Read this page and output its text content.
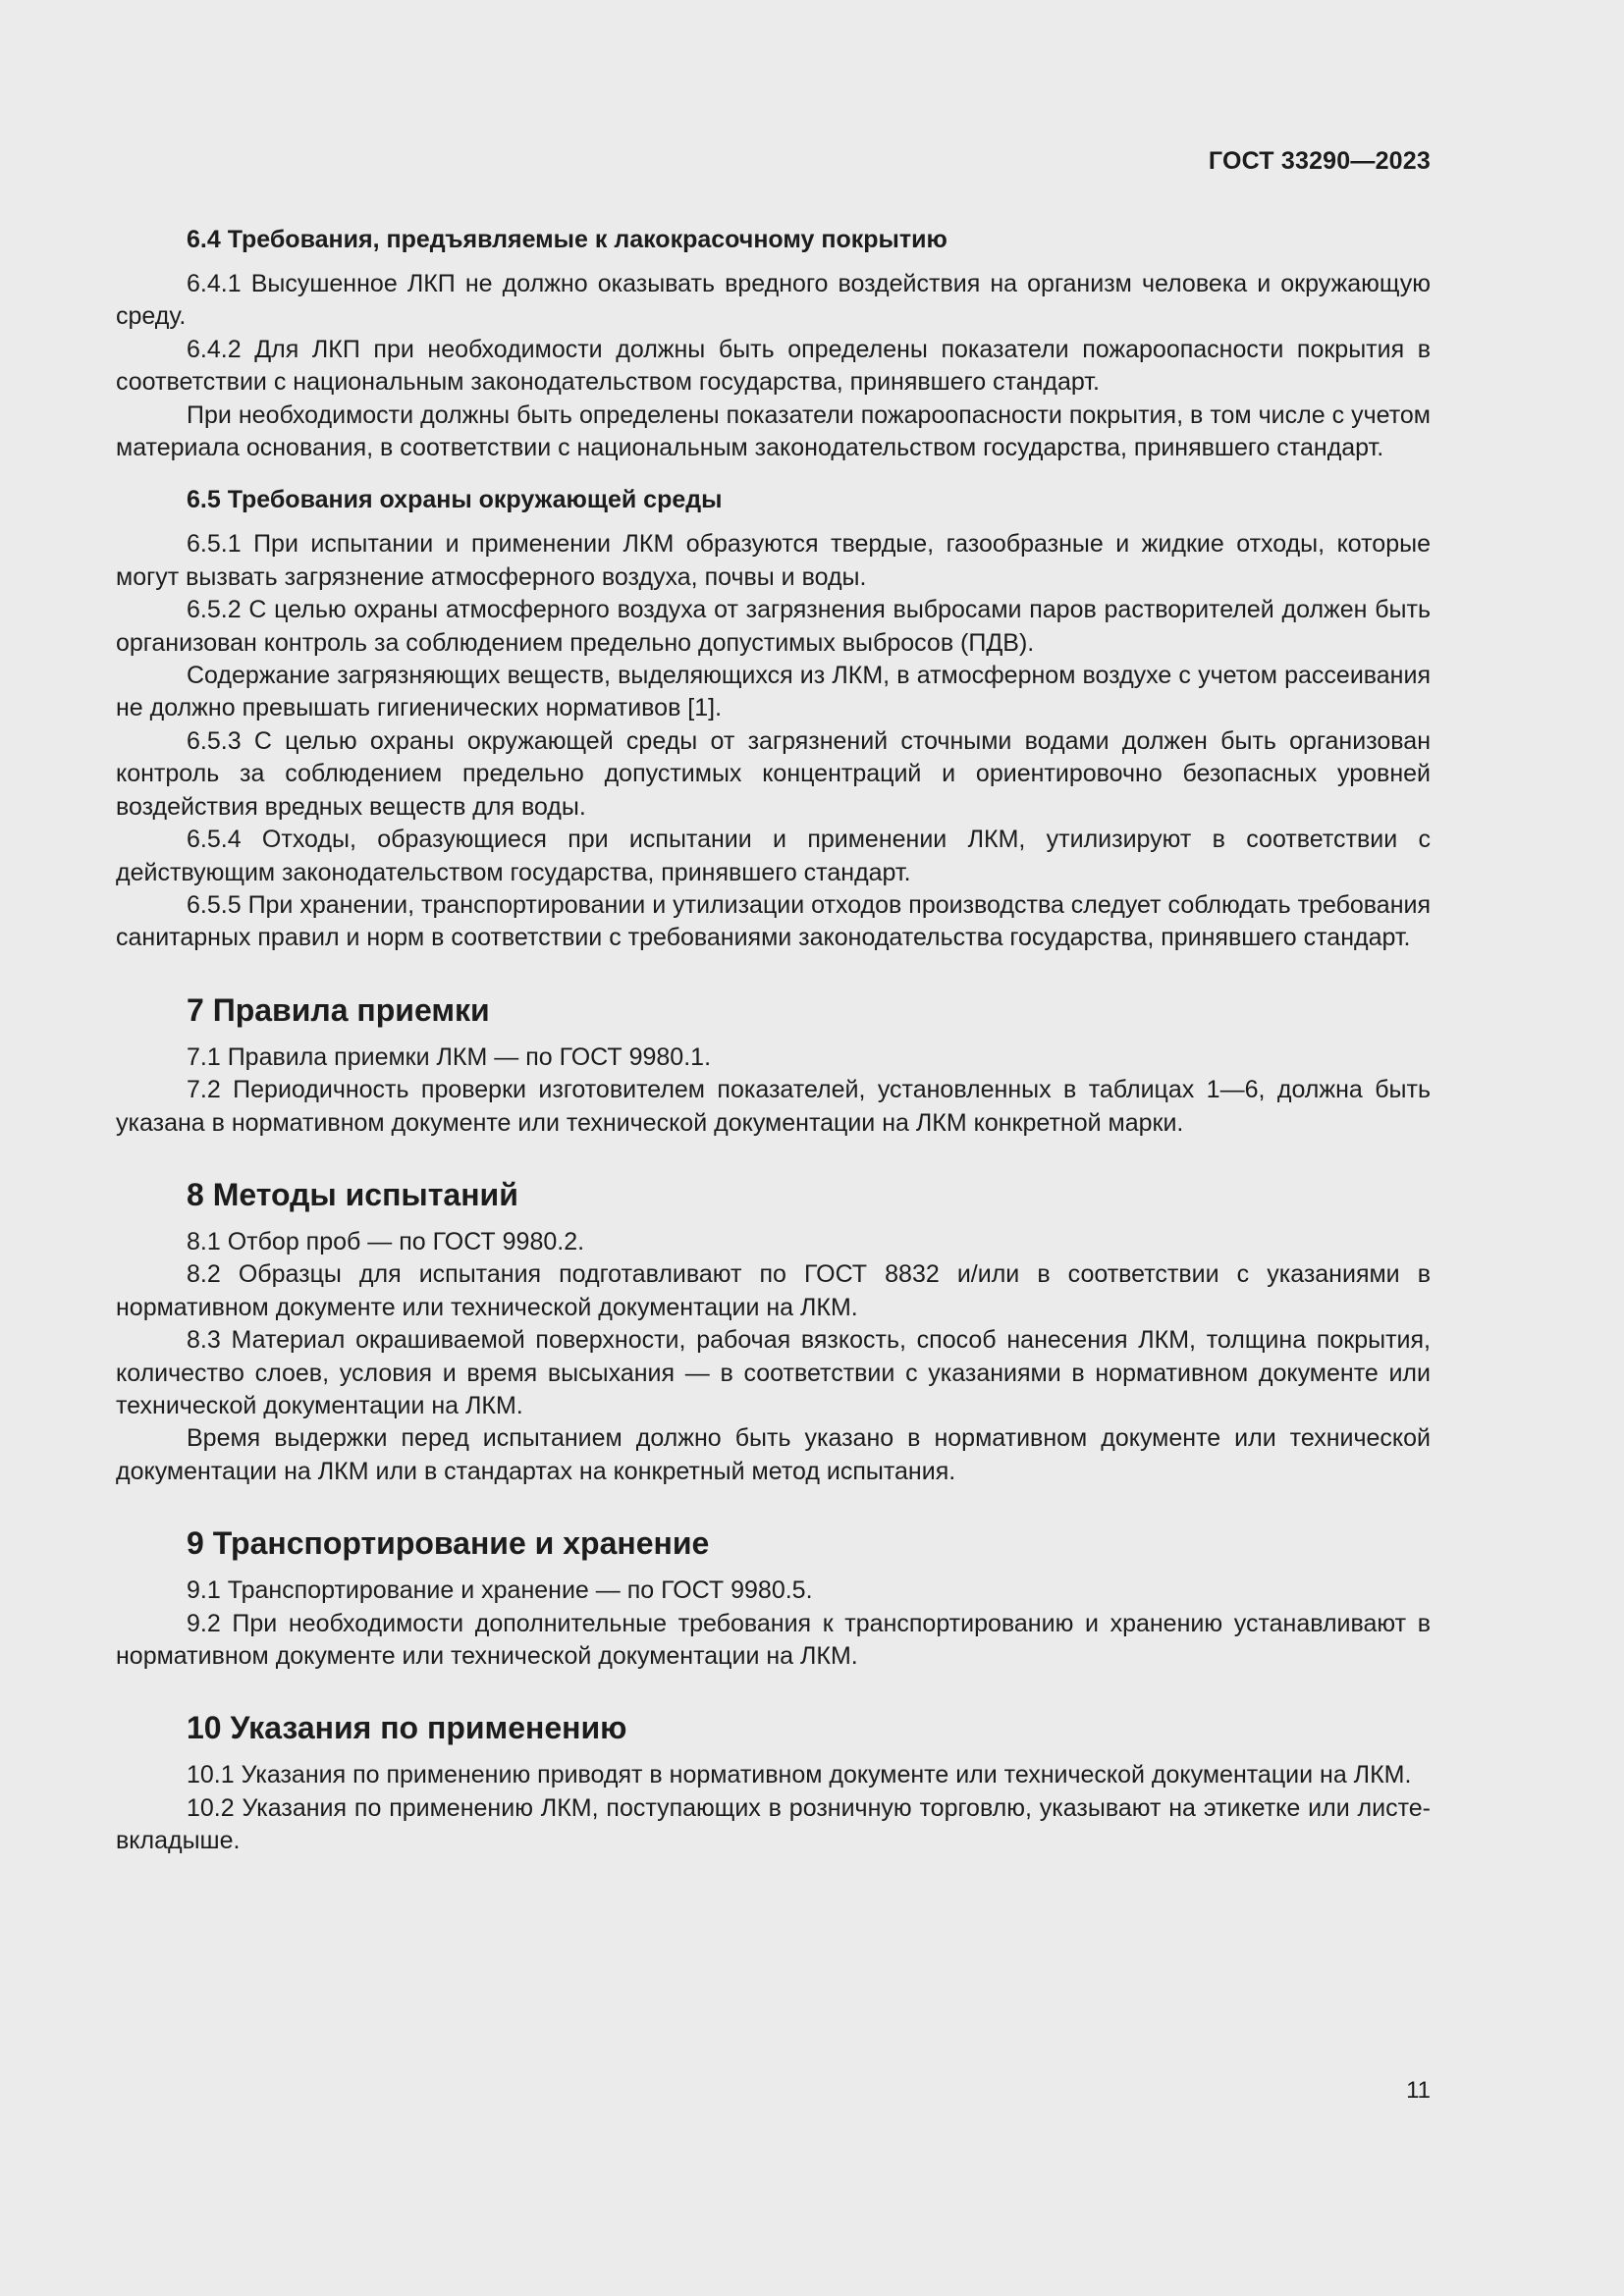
ГОСТ 33290—2023
6.4 Требования, предъявляемые к лакокрасочному покрытию

6.4.1 Высушенное ЛКП не должно оказывать вредного воздействия на организм человека и окружающую среду.

6.4.2 Для ЛКП при необходимости должны быть определены показатели пожароопасности покрытия в соответствии с национальным законодательством государства, принявшего стандарт.

При необходимости должны быть определены показатели пожароопасности покрытия, в том числе с учетом материала основания, в соответствии с национальным законодательством государства, принявшего стандарт.

6.5 Требования охраны окружающей среды

6.5.1 При испытании и применении ЛКМ образуются твердые, газообразные и жидкие отходы, которые могут вызвать загрязнение атмосферного воздуха, почвы и воды.

6.5.2 С целью охраны атмосферного воздуха от загрязнения выбросами паров растворителей должен быть организован контроль за соблюдением предельно допустимых выбросов (ПДВ).

Содержание загрязняющих веществ, выделяющихся из ЛКМ, в атмосферном воздухе с учетом рассеивания не должно превышать гигиенических нормативов [1].

6.5.3 С целью охраны окружающей среды от загрязнений сточными водами должен быть организован контроль за соблюдением предельно допустимых концентраций и ориентировочно безопасных уровней воздействия вредных веществ для воды.

6.5.4 Отходы, образующиеся при испытании и применении ЛКМ, утилизируют в соответствии с действующим законодательством государства, принявшего стандарт.

6.5.5 При хранении, транспортировании и утилизации отходов производства следует соблюдать требования санитарных правил и норм в соответствии с требованиями законодательства государства, принявшего стандарт.

7 Правила приемки

7.1 Правила приемки ЛКМ — по ГОСТ 9980.1.

7.2 Периодичность проверки изготовителем показателей, установленных в таблицах 1—6, должна быть указана в нормативном документе или технической документации на ЛКМ конкретной марки.

8 Методы испытаний

8.1 Отбор проб — по ГОСТ 9980.2.

8.2 Образцы для испытания подготавливают по ГОСТ 8832 и/или в соответствии с указаниями в нормативном документе или технической документации на ЛКМ.

8.3 Материал окрашиваемой поверхности, рабочая вязкость, способ нанесения ЛКМ, толщина покрытия, количество слоев, условия и время высыхания — в соответствии с указаниями в нормативном документе или технической документации на ЛКМ.

Время выдержки перед испытанием должно быть указано в нормативном документе или технической документации на ЛКМ или в стандартах на конкретный метод испытания.

9 Транспортирование и хранение

9.1 Транспортирование и хранение — по ГОСТ 9980.5.

9.2 При необходимости дополнительные требования к транспортированию и хранению устанавливают в нормативном документе или технической документации на ЛКМ.

10 Указания по применению

10.1 Указания по применению приводят в нормативном документе или технической документации на ЛКМ.

10.2 Указания по применению ЛКМ, поступающих в розничную торговлю, указывают на этикетке или листе-вкладыше.

11
